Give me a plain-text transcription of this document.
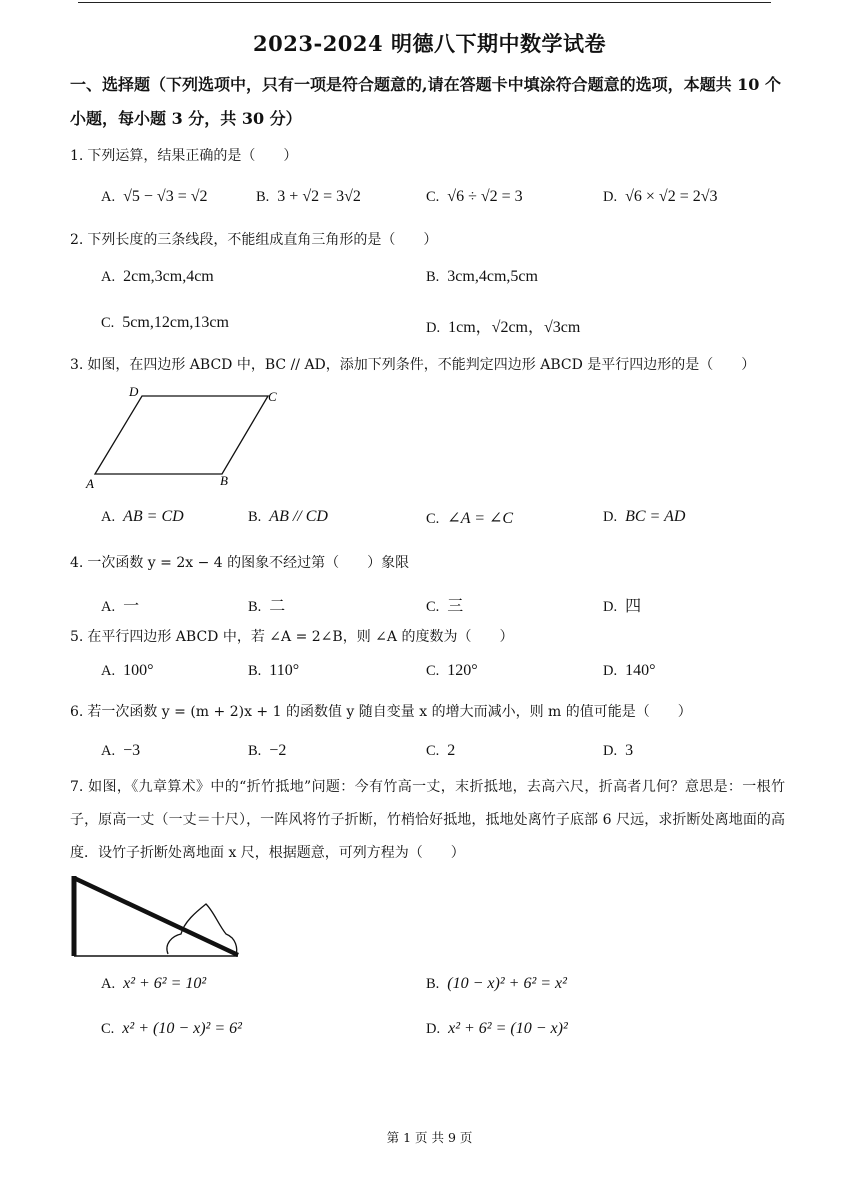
2023-2024 明德八下期中数学试卷
一、选择题（下列选项中，只有一项是符合题意的,请在答题卡中填涂符合题意的选项，本题共 10 个小题，每小题 3 分，共 30 分）
1. 下列运算，结果正确的是（　　）
A. √5 − √3 = √2	B. 3 + √2 = 3√2	C. √6 ÷ √2 = 3	D. √6 × √2 = 2√3
2. 下列长度的三条线段，不能组成直角三角形的是（　　）
A. 2cm,3cm,4cm	B. 3cm,4cm,5cm
C. 5cm,12cm,13cm	D. 1cm，√2cm，√3cm
3. 如图，在四边形 ABCD 中，BC // AD，添加下列条件，不能判定四边形 ABCD 是平行四边形的是（　　）
D	C
A	B
A. AB = CD	B. AB // CD	C. ∠A = ∠C	D. BC = AD
4. 一次函数 y = 2x − 4 的图象不经过第（　　）象限
A. 一	B. 二	C. 三	D. 四
5. 在平行四边形 ABCD 中，若 ∠A = 2∠B，则 ∠A 的度数为（　　）
A. 100°	B. 110°	C. 120°	D. 140°
6. 若一次函数 y = (m + 2)x + 1 的函数值 y 随自变量 x 的增大而减小，则 m 的值可能是（　　）
A. −3	B. −2	C. 2	D. 3
7. 如图，《九章算术》中的“折竹抵地”问题：今有竹高一丈，末折抵地，去高六尺，折高者几何？意思是：一根竹子，原高一丈（一丈＝十尺），一阵风将竹子折断，竹梢恰好抵地，抵地处离竹子底部 6 尺远，求折断处离地面的高度．设竹子折断处离地面 x 尺，根据题意，可列方程为（　　）
A. x² + 6² = 10²	B. (10 − x)² + 6² = x²
C. x² + (10 − x)² = 6²	D. x² + 6² = (10 − x)²
第 1 页 共 9 页
